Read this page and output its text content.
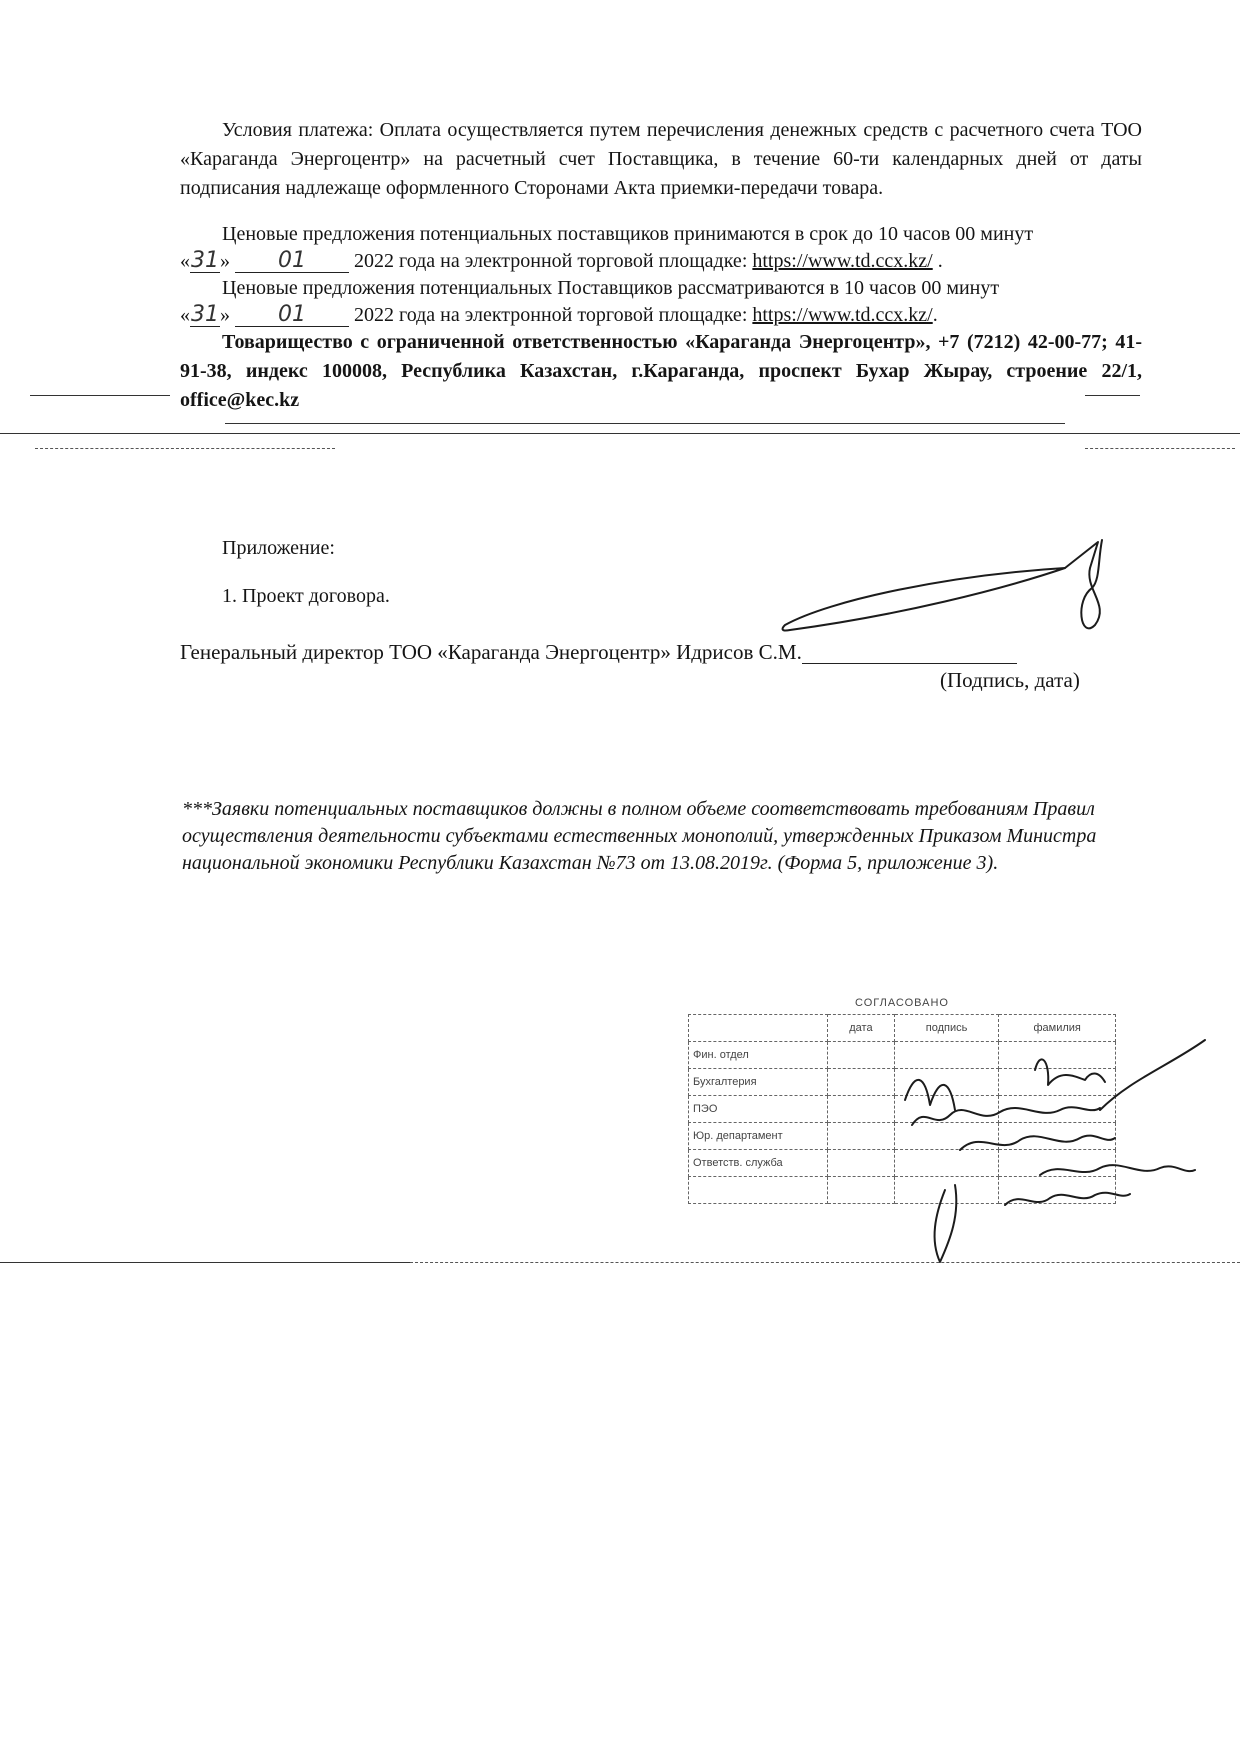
Условия платежа: Оплата осуществляется путем перечисления денежных средств с расчетного счета ТОО «Караганда Энергоцентр» на расчетный счет Поставщика, в течение 60-ти календарных дней от даты подписания надлежаще оформленного Сторонами Акта приемки-передачи товара.
Ценовые предложения потенциальных поставщиков принимаются в срок до 10 часов 00 минут
«31» 01 2022 года на электронной торговой площадке: https://www.td.ccx.kz/ .
Ценовые предложения потенциальных Поставщиков рассматриваются в 10 часов 00 минут
«31» 01 2022 года на электронной торговой площадке: https://www.td.ccx.kz/.
Товарищество с ограниченной ответственностью «Караганда Энергоцентр», +7 (7212) 42-00-77; 41-91-38, индекс 100008, Республика Казахстан, г.Караганда, проспект Бухар Жырау, строение 22/1, office@kec.kz
Приложение:
1. Проект договора.
Генеральный директор ТОО «Караганда Энергоцентр» Идрисов С.М.
(Подпись, дата)
***Заявки потенциальных поставщиков должны в полном объеме соответствовать требованиям Правил осуществления деятельности субъектами естественных монополий, утвержденных Приказом Министра национальной экономики Республики Казахстан №73 от 13.08.2019г. (Форма 5, приложение 3).
СОГЛАСОВАНО			
	дата	подпись	фамилия
Фин. отдел			
Бухгалтерия			
ПЭО			
Юр. департамент			
Ответств. служба			
